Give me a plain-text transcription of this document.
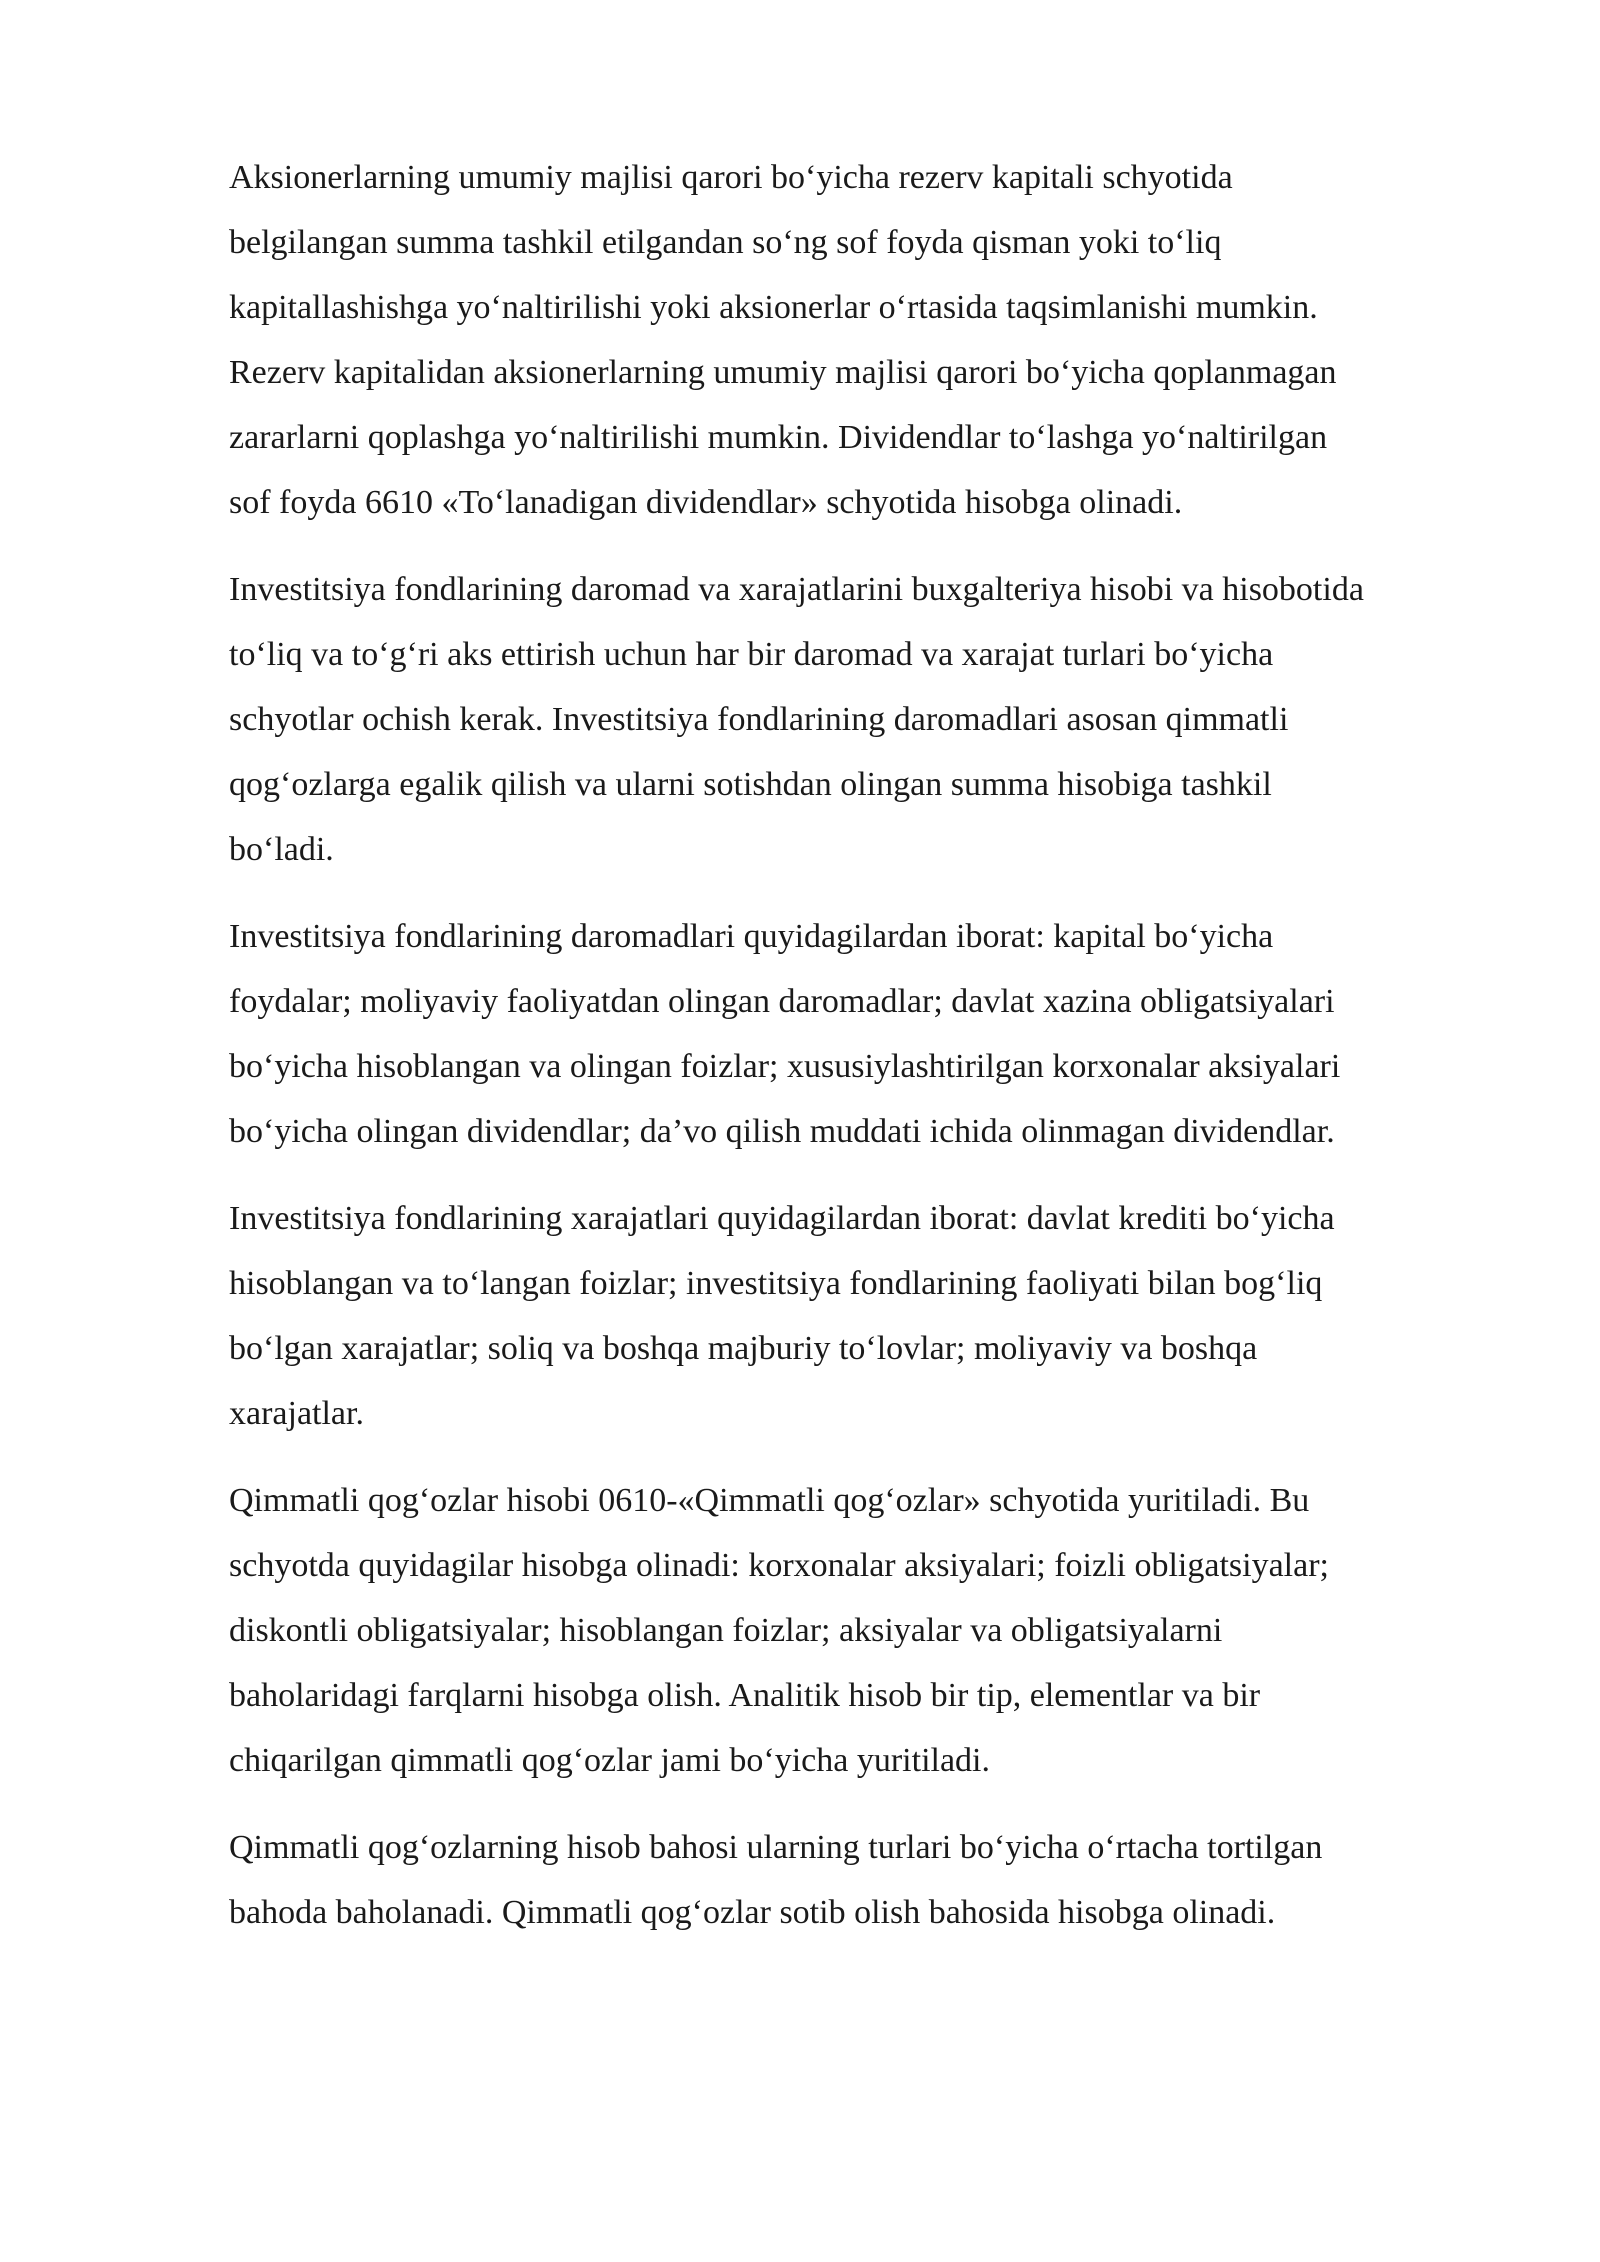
Aksionerlarning umumiy majlisi qarori bo‘yicha rezerv kapitali schyotida
belgilangan summa tashkil etilgandan so‘ng sof foyda qisman yoki to‘liq
kapitallashishga yo‘naltirilishi yoki aksionerlar o‘rtasida taqsimlanishi mumkin.
Rezerv kapitalidan aksionerlarning umumiy majlisi qarori bo‘yicha qoplanmagan
zararlarni qoplashga yo‘naltirilishi mumkin. Dividendlar to‘lashga yo‘naltirilgan
sof foyda 6610 «To‘lanadigan dividendlar» schyotida hisobga olinadi.

Investitsiya fondlarining daromad va xarajatlarini buxgalteriya hisobi va hisobotida
to‘liq va to‘g‘ri aks ettirish uchun har bir daromad va xarajat turlari bo‘yicha
schyotlar ochish kerak. Investitsiya fondlarining daromadlari asosan qimmatli
qog‘ozlarga egalik qilish va ularni sotishdan olingan summa hisobiga tashkil
bo‘ladi.

Investitsiya fondlarining daromadlari quyidagilardan iborat: kapital bo‘yicha
foydalar; moliyaviy faoliyatdan olingan daromadlar; davlat xazina obligatsiyalari
bo‘yicha hisoblangan va olingan foizlar; xususiylashtirilgan korxonalar aksiyalari
bo‘yicha olingan dividendlar; da’vo qilish muddati ichida olinmagan dividendlar.

Investitsiya fondlarining xarajatlari quyidagilardan iborat: davlat krediti bo‘yicha
hisoblangan va to‘langan foizlar; investitsiya fondlarining faoliyati bilan bog‘liq
bo‘lgan xarajatlar; soliq va boshqa majburiy to‘lovlar; moliyaviy va boshqa
xarajatlar.

Qimmatli qog‘ozlar hisobi 0610-«Qimmatli qog‘ozlar» schyotida yuritiladi. Bu
schyotda quyidagilar hisobga olinadi: korxonalar aksiyalari; foizli obligatsiyalar;
diskontli obligatsiyalar; hisoblangan foizlar; aksiyalar va obligatsiyalarni
baholaridagi farqlarni hisobga olish. Analitik hisob bir tip, elementlar va bir
chiqarilgan qimmatli qog‘ozlar jami bo‘yicha yuritiladi.

Qimmatli qog‘ozlarning hisob bahosi ularning turlari bo‘yicha o‘rtacha tortilgan
bahoda baholanadi. Qimmatli qog‘ozlar sotib olish bahosida hisobga olinadi.
